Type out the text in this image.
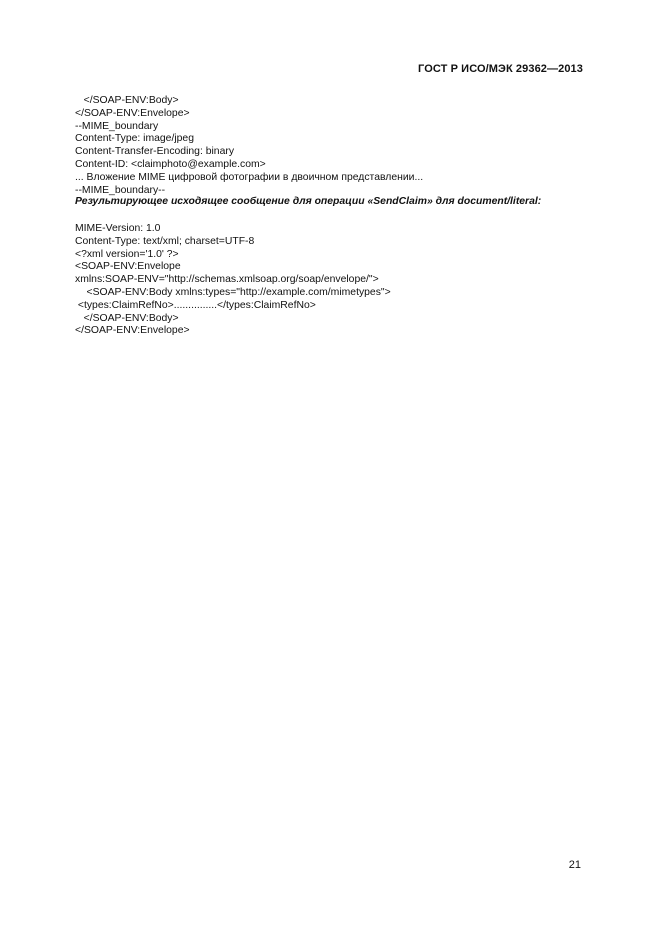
ГОСТ Р ИСО/МЭК 29362—2013

</SOAP-ENV:Body>

</SOAP-ENV:Envelope>

--MIME_boundary

Content-Type: image/jpeg

Content-Transfer-Encoding: binary

Content-ID: <claimphoto@example.com>

... Вложение MIME цифровой фотографии в двоичном представлении...

--MIME_boundary--

Результирующее исходящее сообщение для операции «SendClaim» для document/literal:

MIME-Version: 1.0

Content-Type: text/xml; charset=UTF-8

<?xml version='1.0' ?>

<SOAP-ENV:Envelope

xmlns:SOAP-ENV="http://schemas.xmlsoap.org/soap/envelope/">

<SOAP-ENV:Body xmlns:types="http://example.com/mimetypes">

<types:ClaimRefNo>...............</types:ClaimRefNo>

</SOAP-ENV:Body>

</SOAP-ENV:Envelope>

21
